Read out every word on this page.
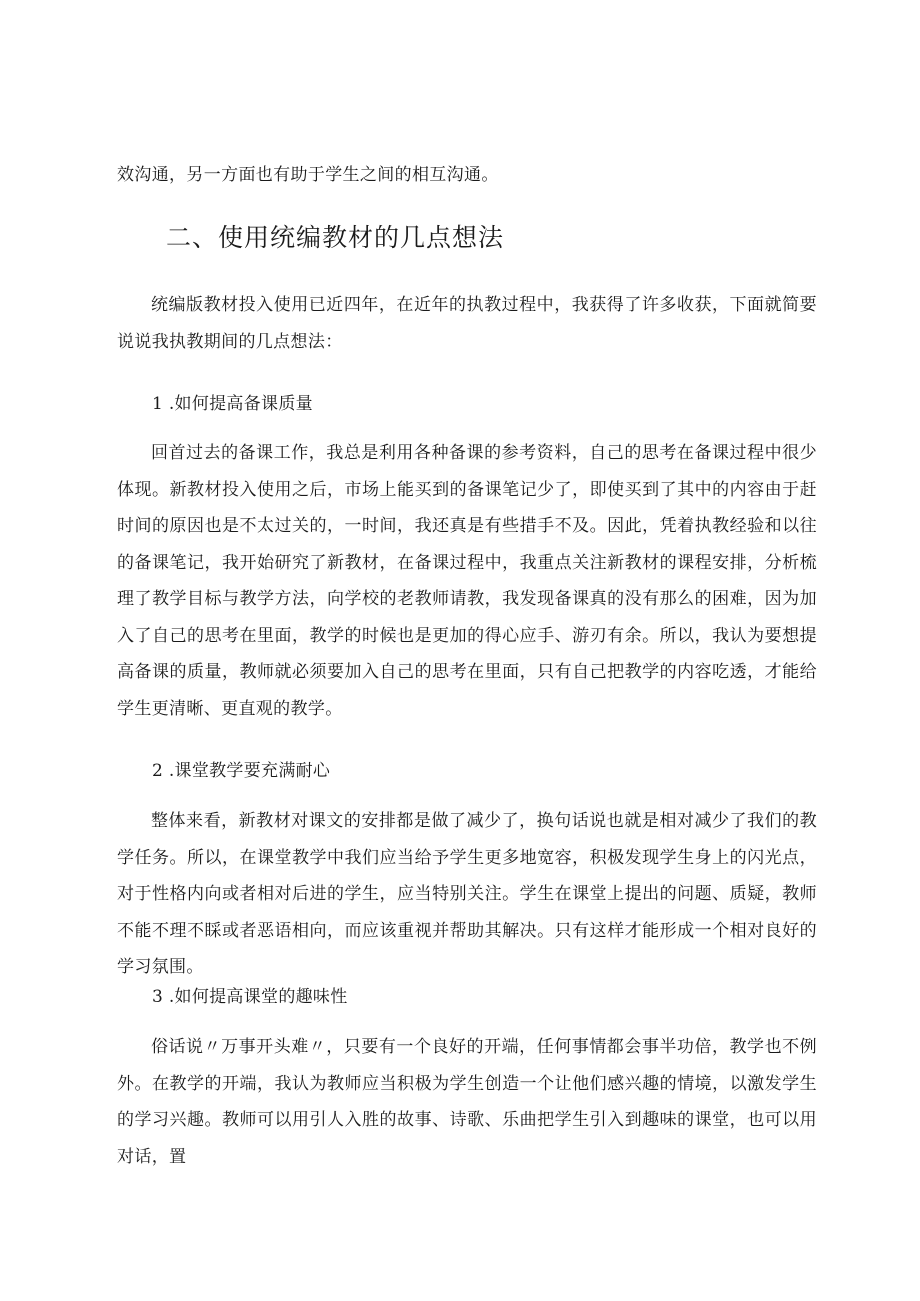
效沟通，另一方面也有助于学生之间的相互沟通。

二、使用统编教材的几点想法

统编版教材投入使用已近四年，在近年的执教过程中，我获得了许多收获，下面就简要说说我执教期间的几点想法：

1 .如何提高备课质量

回首过去的备课工作，我总是利用各种备课的参考资料，自己的思考在备课过程中很少体现。新教材投入使用之后，市场上能买到的备课笔记少了，即使买到了其中的内容由于赶时间的原因也是不太过关的，一时间，我还真是有些措手不及。因此，凭着执教经验和以往的备课笔记，我开始研究了新教材，在备课过程中，我重点关注新教材的课程安排，分析梳理了教学目标与教学方法，向学校的老教师请教，我发现备课真的没有那么的困难，因为加入了自己的思考在里面，教学的时候也是更加的得心应手、游刃有余。所以，我认为要想提高备课的质量，教师就必须要加入自己的思考在里面，只有自己把教学的内容吃透，才能给学生更清晰、更直观的教学。

2 .课堂教学要充满耐心

整体来看，新教材对课文的安排都是做了减少了，换句话说也就是相对减少了我们的教学任务。所以，在课堂教学中我们应当给予学生更多地宽容，积极发现学生身上的闪光点，对于性格内向或者相对后进的学生，应当特别关注。学生在课堂上提出的问题、质疑，教师不能不理不睬或者恶语相向，而应该重视并帮助其解决。只有这样才能形成一个相对良好的学习氛围。

3 .如何提高课堂的趣味性

俗话说〃万事开头难〃，只要有一个良好的开端，任何事情都会事半功倍，教学也不例外。在教学的开端，我认为教师应当积极为学生创造一个让他们感兴趣的情境，以激发学生的学习兴趣。教师可以用引人入胜的故事、诗歌、乐曲把学生引入到趣味的课堂，也可以用对话，置
